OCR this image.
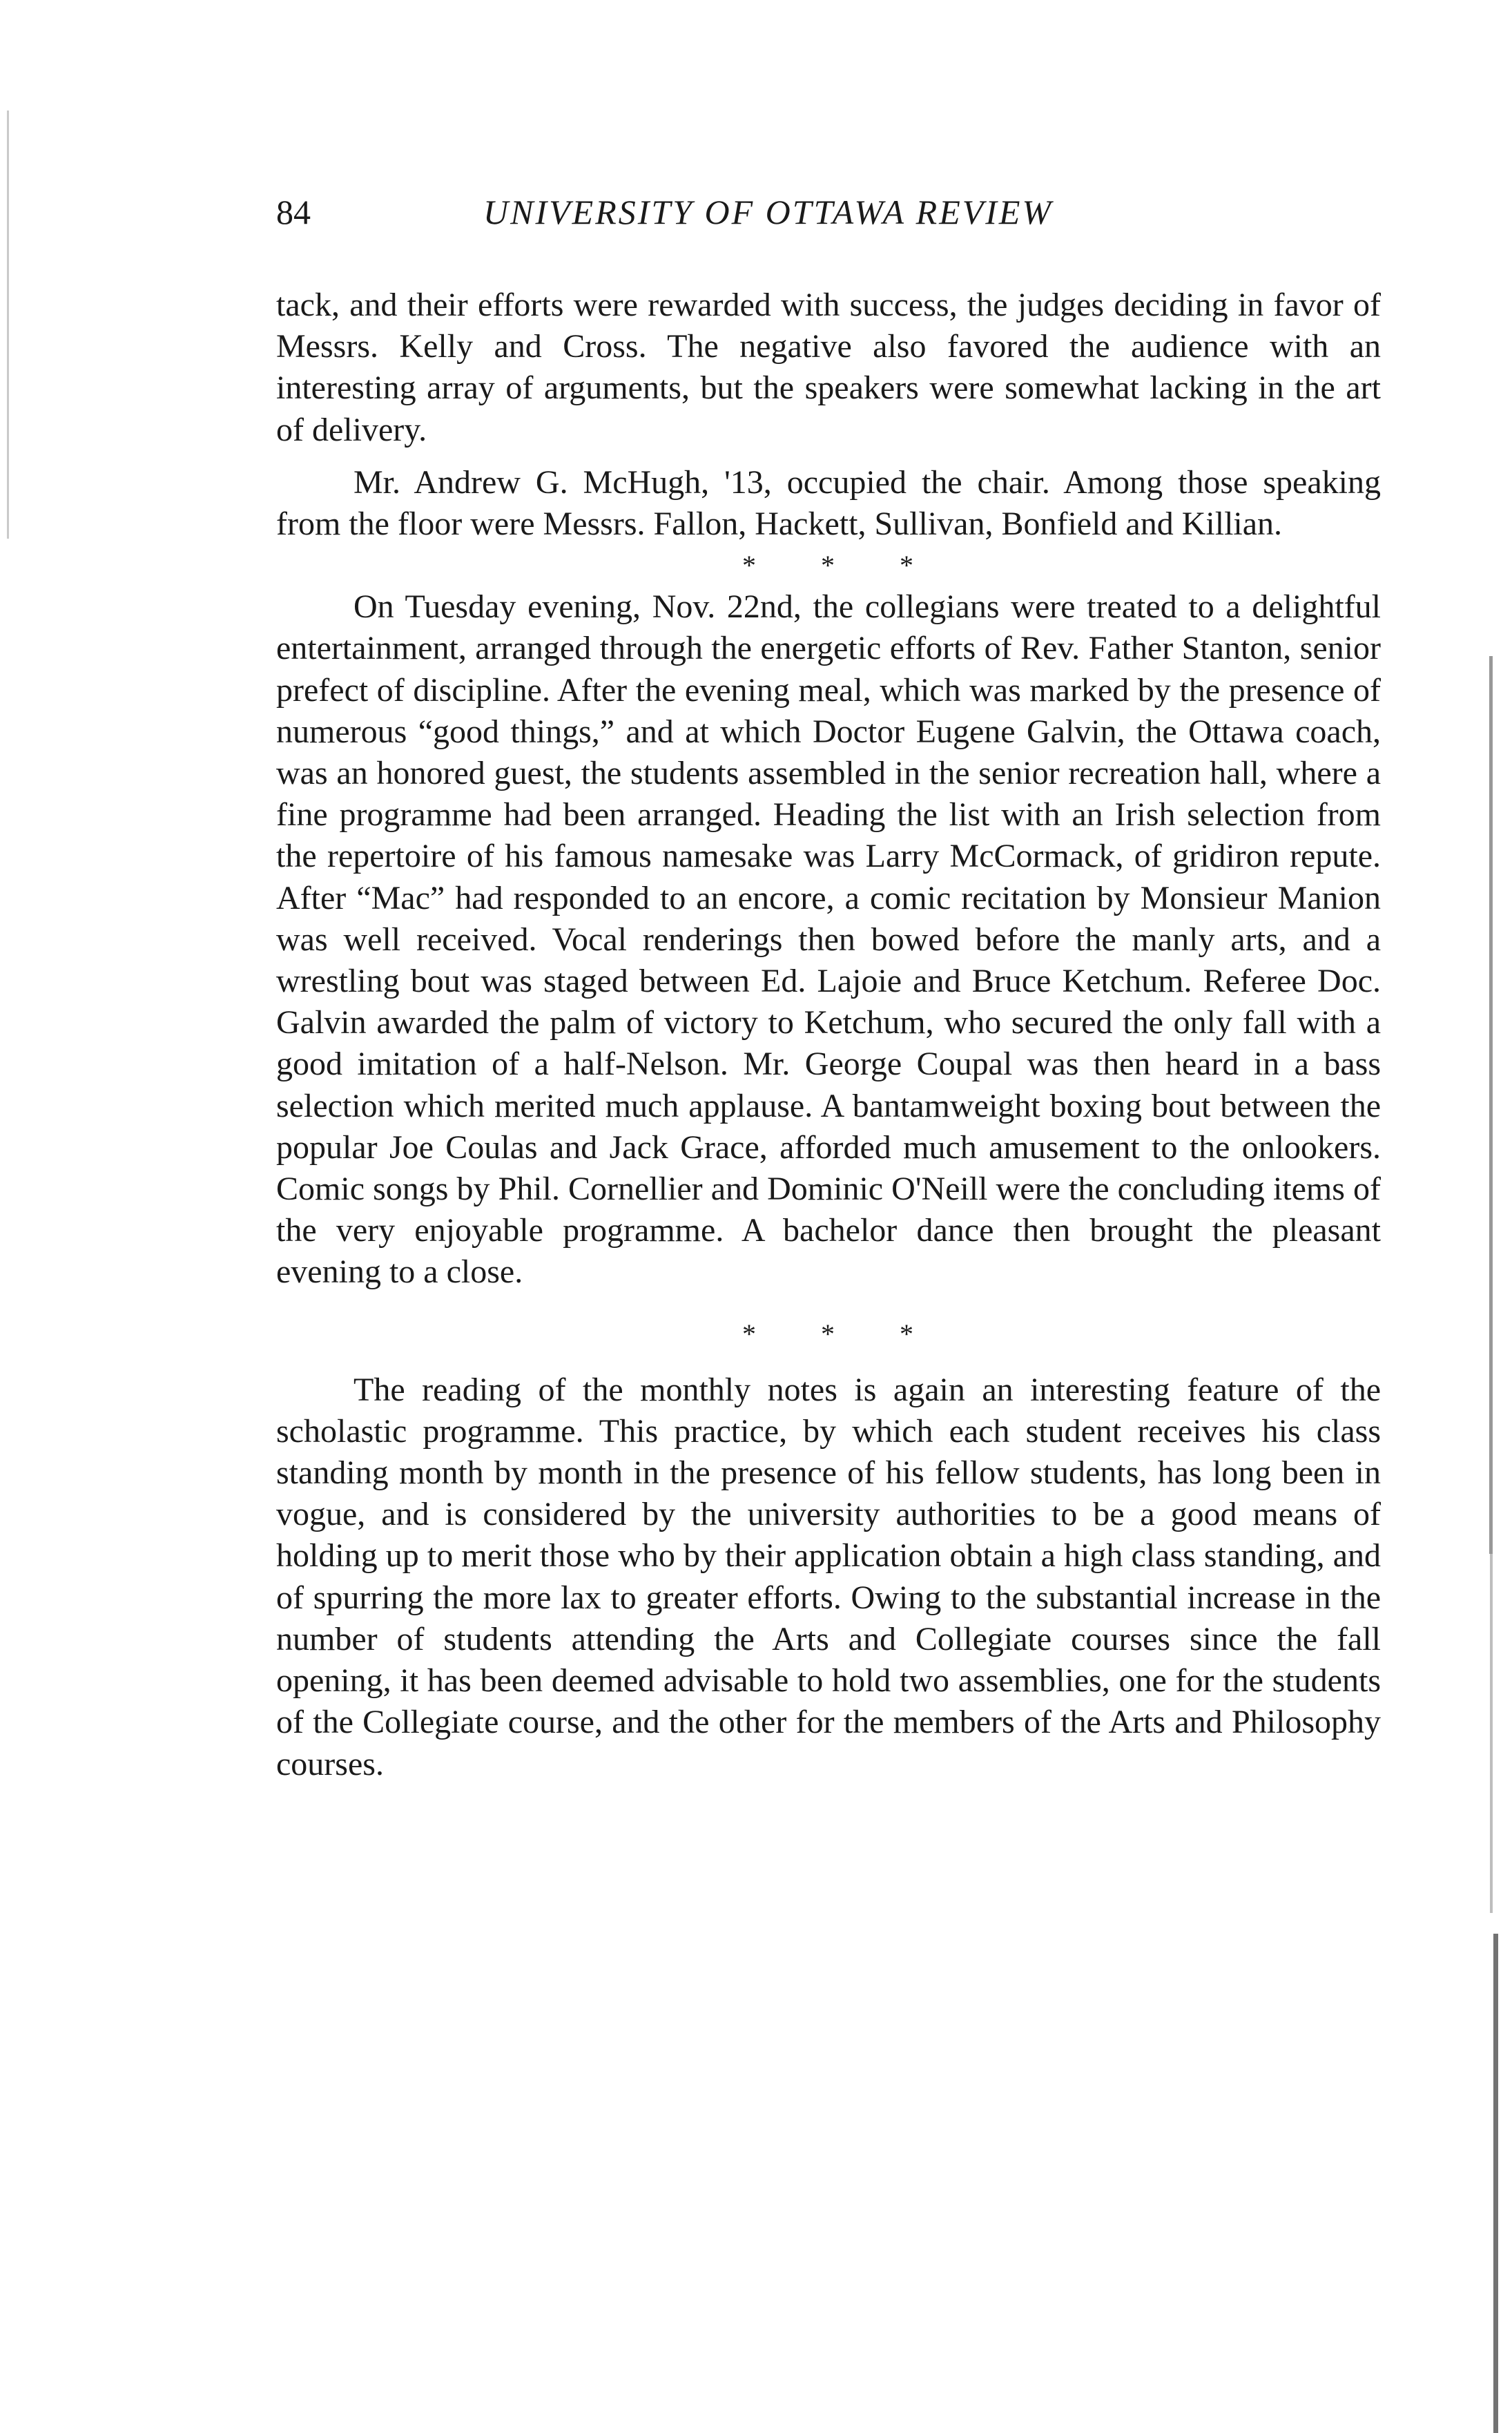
84	UNIVERSITY OF OTTAWA REVIEW

tack, and their efforts were rewarded with success, the judges deciding in favor of Messrs. Kelly and Cross. The negative also favored the audience with an interesting array of arguments, but the speakers were somewhat lacking in the art of delivery.

Mr. Andrew G. McHugh, '13, occupied the chair. Among those speaking from the floor were Messrs. Fallon, Hackett, Sullivan, Bonfield and Killian.

* * *

On Tuesday evening, Nov. 22nd, the collegians were treated to a delightful entertainment, arranged through the energetic efforts of Rev. Father Stanton, senior prefect of discipline. After the evening meal, which was marked by the presence of numerous “good things,” and at which Doctor Eugene Galvin, the Ottawa coach, was an honored guest, the students assembled in the senior recreation hall, where a fine programme had been arranged. Heading the list with an Irish selection from the repertoire of his famous namesake was Larry McCormack, of gridiron repute. After “Mac” had responded to an encore, a comic recitation by Monsieur Manion was well received. Vocal renderings then bowed before the manly arts, and a wrestling bout was staged between Ed. Lajoie and Bruce Ketchum. Referee Doc. Galvin awarded the palm of victory to Ketchum, who secured the only fall with a good imitation of a half-Nelson. Mr. George Coupal was then heard in a bass selection which merited much applause. A bantamweight boxing bout between the popular Joe Coulas and Jack Grace, afforded much amusement to the onlookers. Comic songs by Phil. Cornellier and Dominic O'Neill were the concluding items of the very enjoyable programme. A bachelor dance then brought the pleasant evening to a close.

* * *

The reading of the monthly notes is again an interesting feature of the scholastic programme. This practice, by which each student receives his class standing month by month in the presence of his fellow students, has long been in vogue, and is considered by the university authorities to be a good means of holding up to merit those who by their application obtain a high class standing, and of spurring the more lax to greater efforts. Owing to the substantial increase in the number of students attending the Arts and Collegiate courses since the fall opening, it has been deemed advisable to hold two assemblies, one for the students of the Collegiate course, and the other for the members of the Arts and Philosophy courses.
